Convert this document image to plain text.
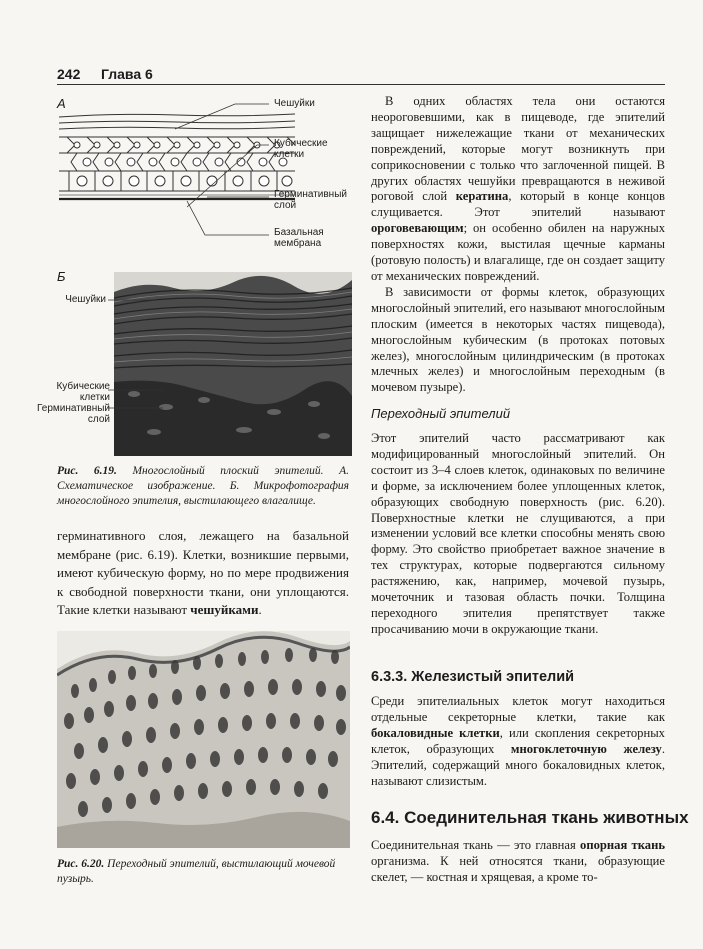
242 Глава 6
А	Чешуйки
Кубические
клетки
Герминативный
слой
Базальная
мембрана
Б
Чешуйки
Кубические
клетки
Герминативный
слой
Рис. 6.19. Многослойный плоский эпителий. А. Схематическое изображение. Б. Микрофотография многослойного эпителия, выстилающего влагалище.

герминативного слоя, лежащего на базальной мембране (рис. 6.19). Клетки, возникшие первыми, имеют кубическую форму, но по мере продвижения к свободной поверхности ткани, они уплощаются. Такие клетки называют чешуйками.

Рис. 6.20. Переходный эпителий, выстилающий мочевой пузырь.

В одних областях тела они остаются неороговевшими, как в пищеводе, где эпителий защищает нижележащие ткани от механических повреждений, которые могут возникнуть при соприкосновении с только что заглоченной пищей. В других областях чешуйки превращаются в неживой роговой слой кератина, который в конце концов слущивается. Этот эпителий называют ороговевающим; он особенно обилен на наружных поверхностях кожи, выстилая щечные карманы (ротовую полость) и влагалище, где он создает защиту от механических повреждений.

В зависимости от формы клеток, образующих многослойный эпителий, его называют многослойным плоским (имеется в некоторых частях пищевода), многослойным кубическим (в протоках потовых желез), многослойным цилиндрическим (в протоках млечных желез) и многослойным переходным (в мочевом пузыре).

Переходный эпителий

Этот эпителий часто рассматривают как модифицированный многослойный эпителий. Он состоит из 3–4 слоев клеток, одинаковых по величине и форме, за исключением более уплощенных клеток, образующих свободную поверхность (рис. 6.20). Поверхностные клетки не слущиваются, а при изменении условий все клетки способны менять свою форму. Это свойство приобретает важное значение в тех структурах, которые подвергаются сильному растяжению, как, например, мочевой пузырь, мочеточник и тазовая область почки. Толщина переходного эпителия препятствует также просачиванию мочи в окружающие ткани.

6.3.3. Железистый эпителий

Среди эпителиальных клеток могут находиться отдельные секреторные клетки, такие как бокаловидные клетки, или скопления секреторных клеток, образующих многоклеточную железу. Эпителий, содержащий много бокаловидных клеток, называют слизистым.

6.4. Соединительная ткань животных

Соединительная ткань — это главная опорная ткань организма. К ней относятся ткани, образующие скелет, — костная и хрящевая, а кроме то-
